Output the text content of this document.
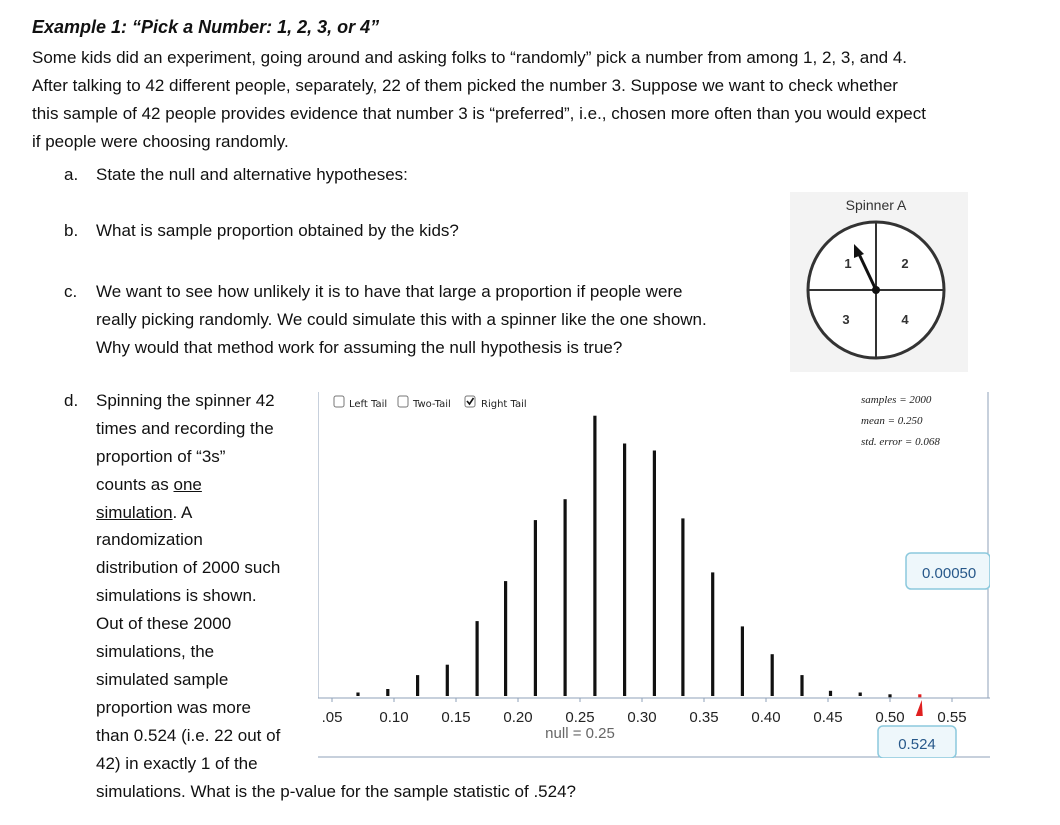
Example 1: “Pick a Number: 1, 2, 3, or 4”
Some kids did an experiment, going around and asking folks to “randomly” pick a number from among 1, 2, 3, and 4.
After talking to 42 different people, separately, 22 of them picked the number 3. Suppose we want to check whether
this sample of 42 people provides evidence that number 3 is “preferred”, i.e., chosen more often than you would expect
if people were choosing randomly.
a. State the null and alternative hypotheses:
b. What is sample proportion obtained by the kids?
c. We want to see how unlikely it is to have that large a proportion if people were
really picking randomly. We could simulate this with a spinner like the one shown.
Why would that method work for assuming the null hypothesis is true?
d. Spinning the spinner 42
times and recording the
proportion of “3s”
counts as one
simulation. A
randomization
distribution of 2000 such
simulations is shown.
Out of these 2000
simulations, the
simulated sample
proportion was more
than 0.524 (i.e. 22 out of
42) in exactly 1 of the
simulations. What is the p-value for the sample statistic of .524?
Spinner A
1	2
3	4
Left Tail	Two-Tail	Right Tail	samples = 2000
mean = 0.250
std. error = 0.068
0.00050
.05 0.10 0.15 0.20 0.25 0.30 0.35 0.40 0.45 0.50 0.55
null = 0.25
0.524
